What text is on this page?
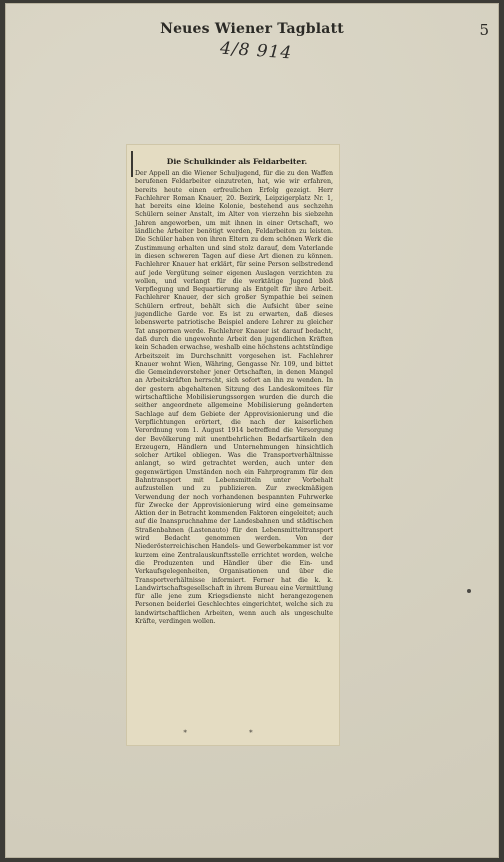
Neues Wiener Tagblatt	5
4/8 914
Die Schulkinder als Feldarbeiter.
Der Appell an die Wiener Schuljugend, für die zu den Waffen berufenen Feldarbeiter einzutreten, hat, wie wir erfahren, bereits heute einen erfreulichen Erfolg gezeigt. Herr Fachlehrer Roman Knauer, 20. Bezirk, Leipzigerplatz Nr. 1, hat bereits eine kleine Kolonie, bestehend aus sechzehn Schülern seiner Anstalt, im Alter von vierzehn bis siebzehn Jahren angeworben, um mit ihnen in einer Ortschaft, wo ländliche Arbeiter benötigt werden, Feldarbeiten zu leisten. Die Schüler haben von ihren Eltern zu dem schönen Werk die Zustimmung erhalten und sind stolz darauf, dem Vaterlande in diesen schweren Tagen auf diese Art dienen zu können. Fachlehrer Knauer hat erklärt, für seine Person selbstredend auf jede Vergütung seiner eigenen Auslagen verzichten zu wollen, und verlangt für die werktätige Jugend bloß Verpflegung und Bequartierung als Entgelt für ihre Arbeit. Fachlehrer Knauer, der sich großer Sympathie bei seinen Schülern erfreut, behält sich die Aufsicht über seine jugendliche Garde vor. Es ist zu erwarten, daß dieses lebenswerte patriotische Beispiel andere Lehrer zu gleicher Tat anspornen werde. Fachlehrer Knauer ist darauf bedacht, daß durch die ungewohnte Arbeit den jugendlichen Kräften kein Schaden erwachse, weshalb eine höchstens achtstündige Arbeitszeit im Durchschnitt vorgesehen ist. Fachlehrer Knauer wohnt Wien, Währing, Gengasse Nr. 109, und bittet die Gemeindevorsteher jener Ortschaften, in denen Mangel an Arbeitskräften herrscht, sich sofort an ihn zu wenden. In der gestern abgehaltenen Sitzung des Landeskomitees für wirtschaftliche Mobilisierungssorgen wurden die durch die seither angeordnete allgemeine Mobilisierung geänderten Sachlage auf dem Gebiete der Approvisionierung und die Verpflichtungen erörtert, die nach der kaiserlichen Verordnung vom 1. August 1914 betreffend die Versorgung der Bevölkerung mit unentbehrlichen Bedarfsartikeln den Erzeugern, Händlern und Unternehmungen hinsichtlich solcher Artikel obliegen. Was die Transportverhältnisse anlangt, so wird getrachtet werden, auch unter den gegenwärtigen Umständen noch ein Fahrprogramm für den Bahntransport mit Lebensmitteln unter Vorbehalt aufzustellen und zu publizieren. Zur zweckmäßigen Verwendung der noch vorhandenen bespannten Fuhrwerke für Zwecke der Approvisionierung wird eine gemeinsame Aktion der in Betracht kommenden Faktoren eingeleitet; auch auf die Inanspruchnahme der Landesbahnen und städtischen Straßenbahnen (Lastenauto) für den Lebensmitteltransport wird Bedacht genommen werden. Von der Niederösterreichischen Handels- und Gewerbekammer ist vor kurzem eine Zentralauskunftsstelle errichtet worden, welche die Produzenten und Händler über die Ein- und Verkaufsgelegenheiten, Organisationen und über die Transportverhältnisse informiert. Ferner hat die k. k. Landwirtschaftsgesellschaft in ihrem Bureau eine Vermittlung für alle jene zum Kriegsdienste nicht herangezogenen Personen beiderlei Geschlechtes eingerichtet, welche sich zu landwirtschaftlichen Arbeiten, wenn auch als ungeschulte Kräfte, verdingen wollen.
* *
